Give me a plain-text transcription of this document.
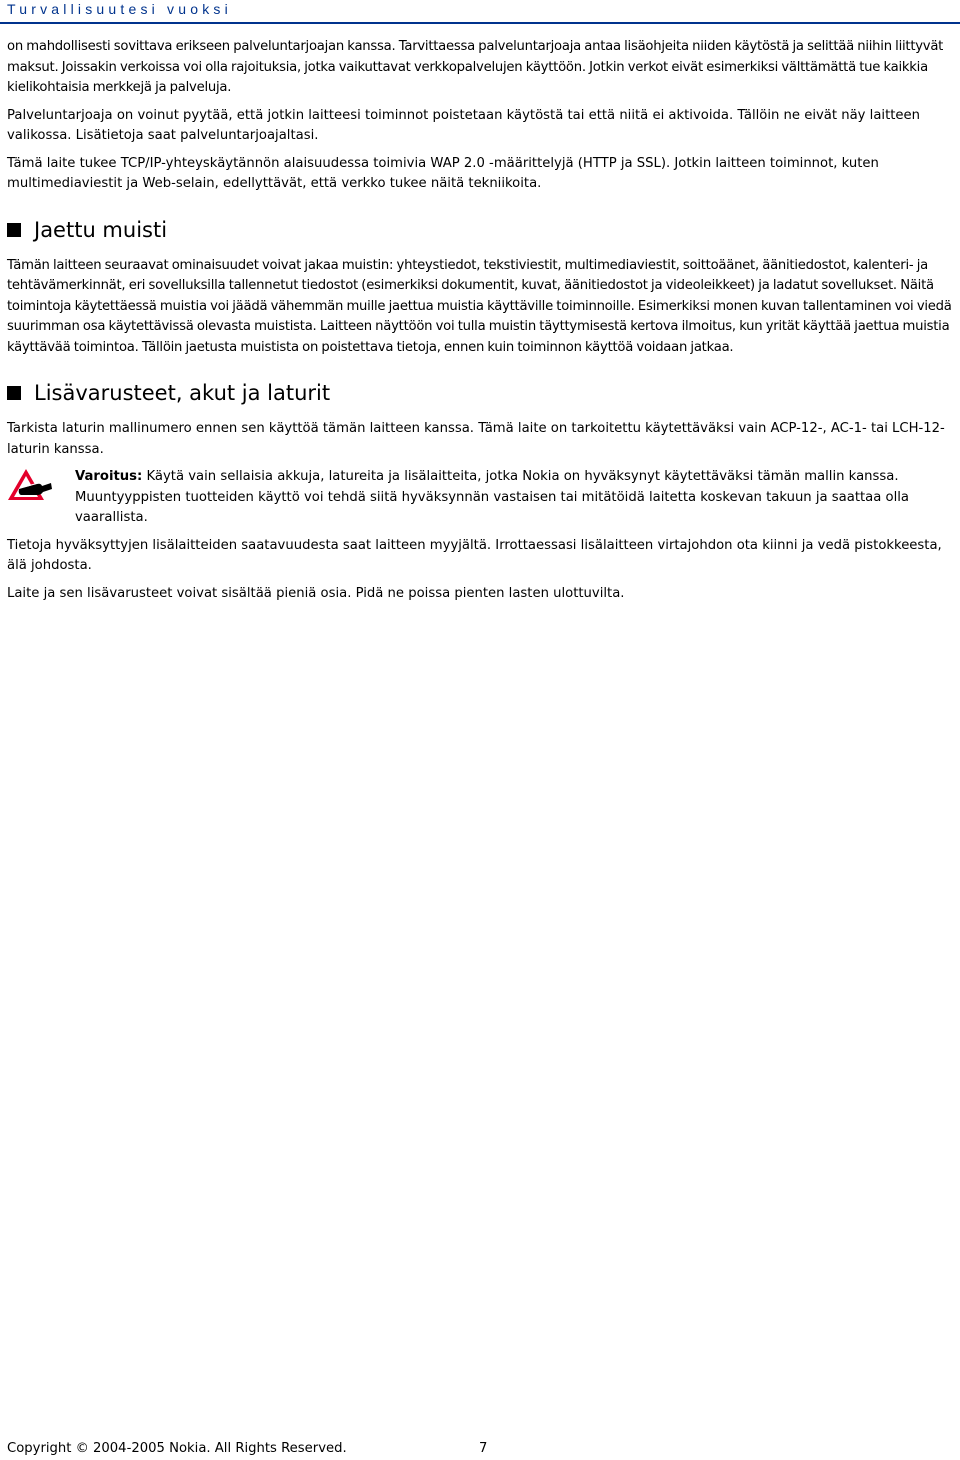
Turvallisuutesi vuoksi

on mahdollisesti sovittava erikseen palveluntarjoajan kanssa. Tarvittaessa palveluntarjoaja antaa lisäohjeita niiden käytöstä ja selittää niihin liittyvät maksut. Joissakin verkoissa voi olla rajoituksia, jotka vaikuttavat verkkopalvelujen käyttöön. Jotkin verkot eivät esimerkiksi välttämättä tue kaikkia kielikohtaisia merkkejä ja palveluja.

Palveluntarjoaja on voinut pyytää, että jotkin laitteesi toiminnot poistetaan käytöstä tai että niitä ei aktivoida. Tällöin ne eivät näy laitteen valikossa. Lisätietoja saat palveluntarjoajaltasi.

Tämä laite tukee TCP/IP-yhteyskäytännön alaisuudessa toimivia WAP 2.0 -määrittelyjä (HTTP ja SSL). Jotkin laitteen toiminnot, kuten multimediaviestit ja Web-selain, edellyttävät, että verkko tukee näitä tekniikoita.

Jaettu muisti

Tämän laitteen seuraavat ominaisuudet voivat jakaa muistin: yhteystiedot, tekstiviestit, multimediaviestit, soittoäänet, äänitiedostot, kalenteri- ja tehtävämerkinnät, eri sovelluksilla tallennetut tiedostot (esimerkiksi dokumentit, kuvat, äänitiedostot ja videoleikkeet) ja ladatut sovellukset. Näitä toimintoja käytettäessä muistia voi jäädä vähemmän muille jaettua muistia käyttäville toiminnoille. Esimerkiksi monen kuvan tallentaminen voi viedä suurimman osa käytettävissä olevasta muistista. Laitteen näyttöön voi tulla muistin täyttymisestä kertova ilmoitus, kun yrität käyttää jaettua muistia käyttävää toimintoa. Tällöin jaetusta muistista on poistettava tietoja, ennen kuin toiminnon käyttöä voidaan jatkaa.

Lisävarusteet, akut ja laturit

Tarkista laturin mallinumero ennen sen käyttöä tämän laitteen kanssa. Tämä laite on tarkoitettu käytettäväksi vain ACP-12-, AC-1- tai LCH-12- laturin kanssa.

Varoitus: Käytä vain sellaisia akkuja, latureita ja lisälaitteita, jotka Nokia on hyväksynyt käytettäväksi tämän mallin kanssa. Muuntyyppisten tuotteiden käyttö voi tehdä siitä hyväksynnän vastaisen tai mitätöidä laitetta koskevan takuun ja saattaa olla vaarallista.

Tietoja hyväksyttyjen lisälaitteiden saatavuudesta saat laitteen myyjältä. Irrottaessasi lisälaitteen virtajohdon ota kiinni ja vedä pistokkeesta, älä johdosta.

Laite ja sen lisävarusteet voivat sisältää pieniä osia. Pidä ne poissa pienten lasten ulottuvilta.

Copyright © 2004-2005 Nokia. All Rights Reserved.	7
